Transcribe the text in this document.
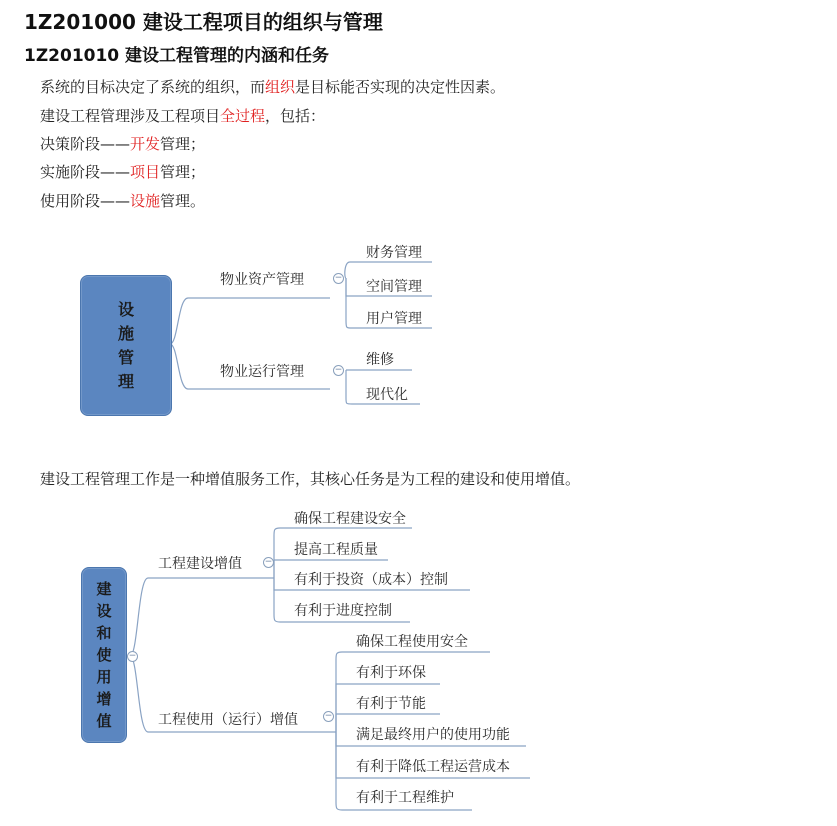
1Z201000 建设工程项目的组织与管理
1Z201010 建设工程管理的内涵和任务
系统的目标决定了系统的组织，而组织是目标能否实现的决定性因素。
建设工程管理涉及工程项目全过程，包括：
决策阶段——开发管理；
实施阶段——项目管理；
使用阶段——设施管理。
设
施
管
理
物业资产管理	−
财务管理
空间管理
用户管理
物业运行管理	−
维修
现代化
建设工程管理工作是一种增值服务工作，其核心任务是为工程的建设和使用增值。
建
设
和
使
用
增
值
−
工程建设增值	−
确保工程建设安全
提高工程质量
有利于投资（成本）控制
有利于进度控制
工程使用（运行）增值	−
确保工程使用安全
有利于环保
有利于节能
满足最终用户的使用功能
有利于降低工程运营成本
有利于工程维护
